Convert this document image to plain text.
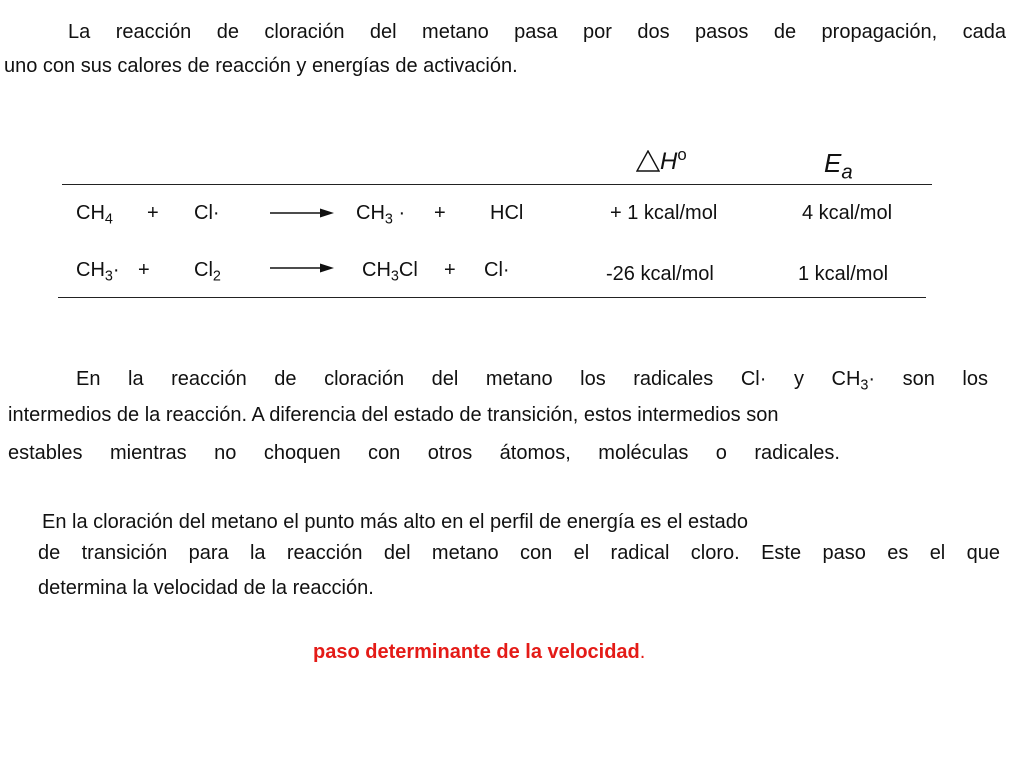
La reacción de cloración del metano pasa por dos pasos de propagación, cada

uno con sus calores de reacción y energías de activación.

$H^o$	$E_a$
$CH_4 + Cl\cdot$	$CH_3$ · + HCl	+ 1 kcal/mol	4 kcal/mol
$CH_3\cdot + Cl_2$	$CH_3Cl + Cl\cdot$	-26 kcal/mol	1 kcal/mol

En la reacción de cloración del metano los radicales Cl· y $CH_3\cdot$ son los

intermedios de la reacción. A diferencia del estado de transición, estos intermedios son

estables mientras no choquen con otros átomos, moléculas o radicales.

En la cloración del metano el punto más alto en el perfil de energía es el estado

de transición para la reacción del metano con el radical cloro. Este paso es el que

determina la velocidad de la reacción.

paso determinante de la velocidad.
